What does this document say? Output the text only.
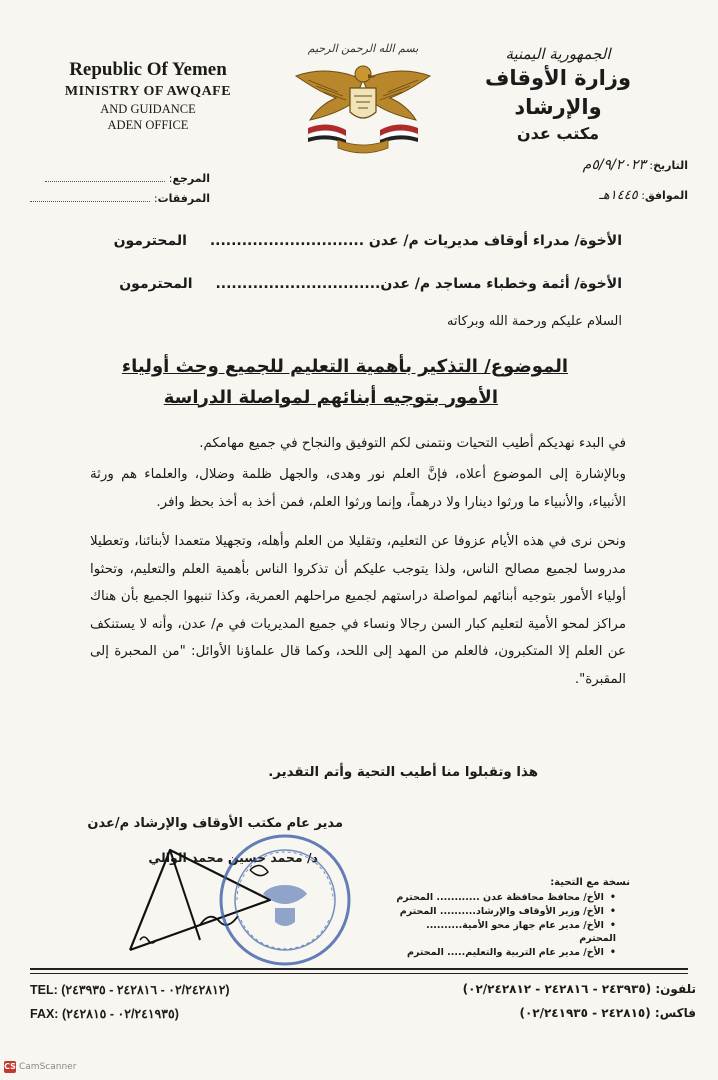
Republic Of Yemen
MINISTRY OF AWQAFE
AND GUIDANCE
ADEN OFFICE
بسم الله الرحمن الرحيم	الجمهورية اليمنية
وزارة الأوقاف والإرشاد
مكتب عدن
المرجع:
المرفقات:
التاريخ: ٥/٩/٢٠٢٣م
الموافق: ١٤٤٥هـ
الأخوة/ مدراء أوقاف مديريات م/ عدن ............................. المحترمون
الأخوة/ أئمة وخطباء مساجد م/ عدن............................... المحترمون
السلام عليكم ورحمة الله وبركاته
الموضوع/ التذكير بأهمية التعليم للجميع وحث أولياء
الأمور بتوجيه أبنائهم لمواصلة الدراسة

في البدء نهديكم أطيب التحيات ونتمنى لكم التوفيق والنجاح في جميع مهامكم.

وبالإشارة إلى الموضوع أعلاه، فإنَّ العلم نور وهدى، والجهل ظلمة وضلال، والعلماء هم ورثة الأنبياء، والأنبياء ما ورثوا دينارا ولا درهماً، وإنما ورثوا العلم، فمن أخذ به أخذ بحظ وافر.

ونحن نرى في هذه الأيام عزوفا عن التعليم، وتقليلا من العلم وأهله، وتجهيلا متعمدا لأبنائنا، وتعطيلا مدروسا لجميع مصالح الناس، ولذا يتوجب عليكم أن تذكروا الناس بأهمية العلم والتعليم، وتحثوا أولياء الأمور بتوجيه أبنائهم لمواصلة دراستهم لجميع مراحلهم العمرية، وكذا تنبهوا الجميع بأن هناك مراكز لمحو الأمية لتعليم كبار السن رجالا ونساء في جميع المديريات في م/ عدن، وأنه لا يستنكف عن العلم إلا المتكبرون، فالعلم من المهد إلى اللحد، وكما قال علماؤنا الأوائل: "من المحبرة إلى المقبرة".

هذا وتقبلوا منا أطيب التحية وأتم التقدير.
مدير عام مكتب الأوقاف والإرشاد م/عدن
د/ محمد حسين محمد الوالي
نسخة مع التحية:
• الأخ/ محافظ محافظة عدن ............ المحترم
• الأخ/ وزير الأوقاف والإرشاد.......... المحترم
• الأخ/ مدير عام جهاز محو الأمية.......... المحترم
• الأخ/ مدير عام التربية والتعليم..... المحترم
TEL: (٠٢/٢٤٢٨١٢ - ٢٤٢٨١٦ - ٢٤٣٩٣٥)
FAX: (٠٢/٢٤١٩٣٥ - ٢٤٢٨١٥)
تلفون: (٢٤٣٩٣٥ - ٢٤٢٨١٦ - ٠٢/٢٤٢٨١٢)
فاكس: (٢٤٢٨١٥ - ٠٢/٢٤١٩٣٥)
CS CamScanner
